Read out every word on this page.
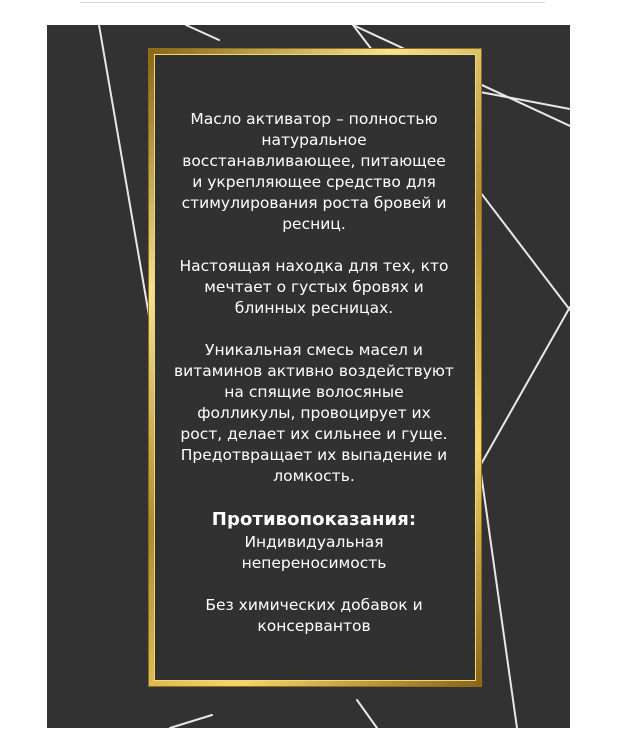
Масло активатор – полностью
натуральное
восстанавливающее, питающее
и укрепляющее средство для
стимулирования роста бровей и
ресниц.

Настоящая находка для тех, кто
мечтает о густых бровях и
блинных ресницах.

Уникальная смесь масел и
витаминов активно воздействуют
на спящие волосяные
фолликулы, провоцирует их
рост, делает их сильнее и гуще.
Предотвращает их выпадение и
ломкость.

Противопоказания:

Индивидуальная
непереносимость

Без химических добавок и
консервантов
